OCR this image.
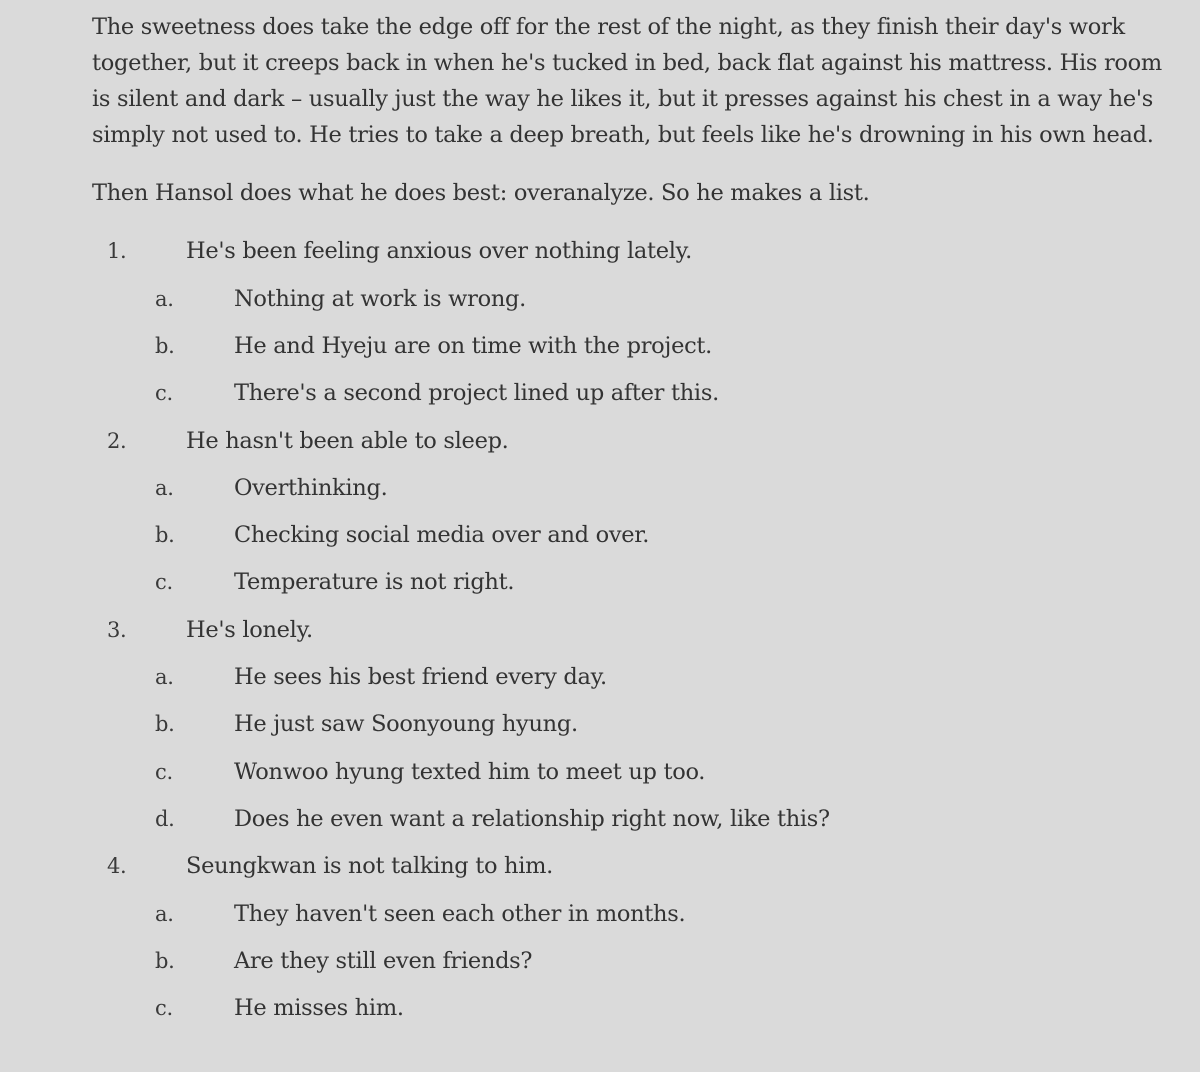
The sweetness does take the edge off for the rest of the night, as they finish their day's work together, but it creeps back in when he's tucked in bed, back flat against his mattress. His room is silent and dark – usually just the way he likes it, but it presses against his chest in a way he's simply not used to. He tries to take a deep breath, but feels like he's drowning in his own head.

Then Hansol does what he does best: overanalyze. So he makes a list.

1.	He's been feeling anxious over nothing lately.
a.	Nothing at work is wrong.
b.	He and Hyeju are on time with the project.
c.	There's a second project lined up after this.
2.	He hasn't been able to sleep.
a.	Overthinking.
b.	Checking social media over and over.
c.	Temperature is not right.
3.	He's lonely.
a.	He sees his best friend every day.
b.	He just saw Soonyoung hyung.
c.	Wonwoo hyung texted him to meet up too.
d.	Does he even want a relationship right now, like this?
4.	Seungkwan is not talking to him.
a.	They haven't seen each other in months.
b.	Are they still even friends?
c.	He misses him.
